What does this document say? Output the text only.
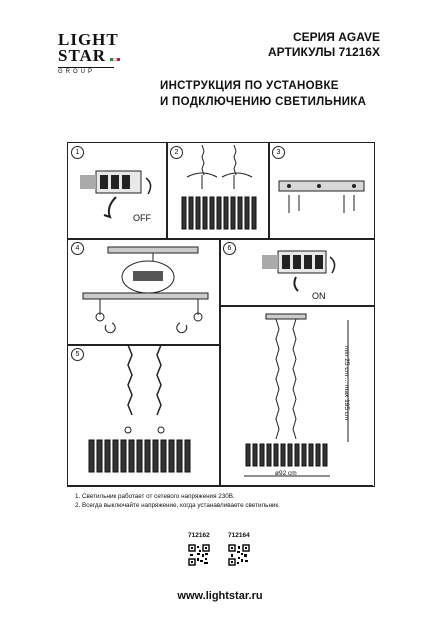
LIGHT
STAR
GROUP
СЕРИЯ AGAVE
АРТИКУЛЫ 71216X
ИНСТРУКЦИЯ ПО УСТАНОВКЕ
И ПОДКЛЮЧЕНИЮ СВЕТИЛЬНИКА
1
OFF
2	3
4	6
ON
min 25 cm ... max 195 cm
ø92 cm
5
1. Светильник работает от сетевого напряжения 230В.
2. Всегда выключайте напряжение, когда устанавливаете светильник.
712162	712164
www.lightstar.ru
